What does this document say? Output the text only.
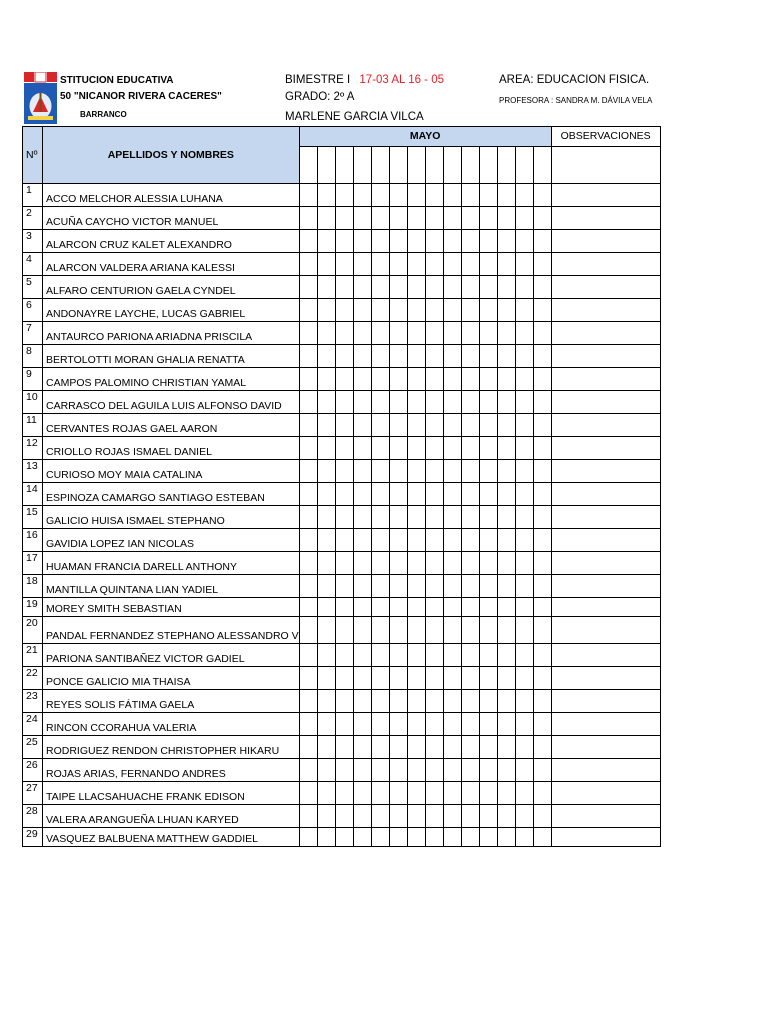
STITUCION EDUCATIVA
50 "NICANOR RIVERA CACERES"
BARRANCO
BIMESTRE I 17-03 AL 16 - 05
GRADO: 2º A
MARLENE GARCIA VILCA
AREA: EDUCACION FISICA.
PROFESORA : SANDRA M. DÁVILA VELA
Nº	APELLIDOS Y NOMBRES	MAYO														OBSERVACIONES

1	ACCO MELCHOR ALESSIA LUHANA															
2	ACUÑA CAYCHO VICTOR MANUEL															
3	ALARCON CRUZ KALET ALEXANDRO															
4	ALARCON VALDERA ARIANA KALESSI															
5	ALFARO CENTURION GAELA CYNDEL															
6	ANDONAYRE LAYCHE, LUCAS GABRIEL															
7	ANTAURCO PARIONA ARIADNA PRISCILA															
8	BERTOLOTTI MORAN GHALIA RENATTA															
9	CAMPOS PALOMINO CHRISTIAN YAMAL															
10	CARRASCO DEL AGUILA LUIS ALFONSO DAVID															
11	CERVANTES ROJAS GAEL AARON															
12	CRIOLLO ROJAS ISMAEL DANIEL															
13	CURIOSO MOY MAIA CATALINA															
14	ESPINOZA CAMARGO SANTIAGO ESTEBAN															
15	GALICIO HUISA ISMAEL STEPHANO															
16	GAVIDIA LOPEZ IAN NICOLAS															
17	HUAMAN FRANCIA DARELL ANTHONY															
18	MANTILLA QUINTANA LIAN YADIEL															
19	MOREY SMITH SEBASTIAN															
20	PANDAL FERNANDEZ STEPHANO ALESSANDRO V															
21	PARIONA SANTIBAÑEZ VICTOR GADIEL															
22	PONCE GALICIO MIA THAISA															
23	REYES SOLIS FÁTIMA GAELA															
24	RINCON CCORAHUA VALERIA															
25	RODRIGUEZ RENDON CHRISTOPHER HIKARU															
26	ROJAS ARIAS, FERNANDO ANDRES															
27	TAIPE LLACSAHUACHE FRANK EDISON															
28	VALERA ARANGUEÑA LHUAN KARYED															
29	VASQUEZ BALBUENA MATTHEW GADDIEL															
